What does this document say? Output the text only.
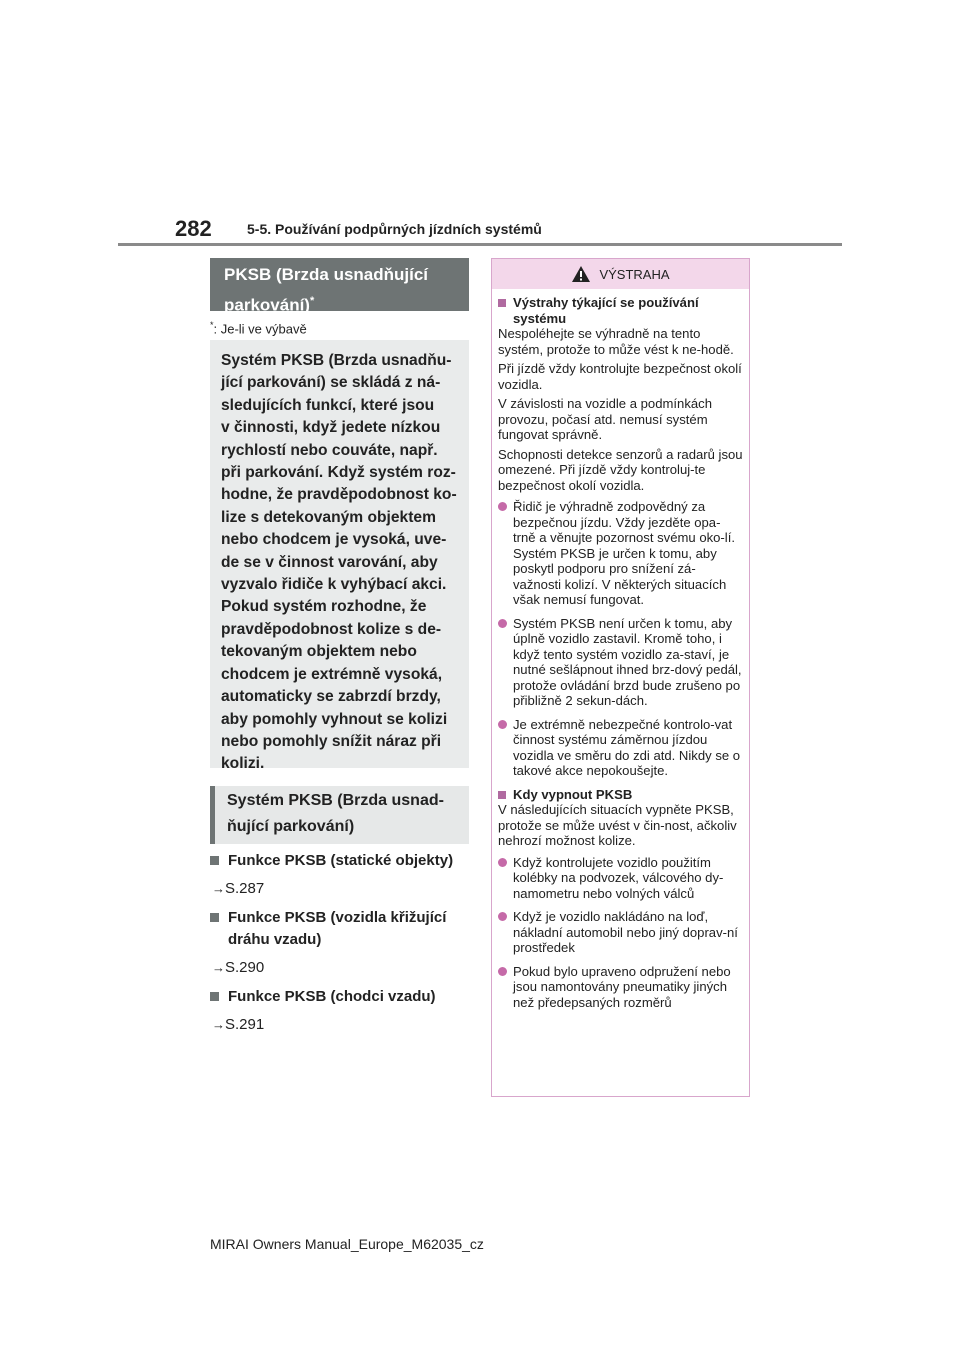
282	5-5. Používání podpůrných jízdních systémů
PKSB (Brzda usnadňující parkování)*
*: Je-li ve výbavě

Systém PKSB (Brzda usnadňu-

jící parkování) se skládá z ná-

sledujících funkcí, které jsou

v činnosti, když jedete nízkou

rychlostí nebo couváte, např.

při parkování. Když systém roz-

hodne, že pravděpodobnost ko-

lize s detekovaným objektem

nebo chodcem je vysoká, uve-

de se v činnost varování, aby

vyzvalo řidiče k vyhýbací akci.

Pokud systém rozhodne, že

pravděpodobnost kolize s de-

tekovaným objektem nebo

chodcem je extrémně vysoká,

automaticky se zabrzdí brzdy,

aby pomohly vyhnout se kolizi

nebo pomohly snížit náraz při

kolizi.

Systém PKSB (Brzda usnad-
ňující parkování)
Funkce PKSB (statické objekty)
→S.287
Funkce PKSB (vozidla křižující dráhu vzadu)
→S.290
Funkce PKSB (chodci vzadu)
→S.291
VÝSTRAHA
Výstrahy týkající se používání systému

Nespoléhejte se výhradně na tento systém, protože to může vést k ne-hodě.

Při jízdě vždy kontrolujte bezpečnost okolí vozidla.

V závislosti na vozidle a podmínkách provozu, počasí atd. nemusí systém fungovat správně.

Schopnosti detekce senzorů a radarů jsou omezené. Při jízdě vždy kontroluj-te bezpečnost okolí vozidla.

Řidič je výhradně zodpovědný za bezpečnou jízdu. Vždy jezděte opa-trně a věnujte pozornost svému oko-lí. Systém PKSB je určen k tomu, aby poskytl podporu pro snížení zá-važnosti kolizí. V některých situacích však nemusí fungovat.
Systém PKSB není určen k tomu, aby úplně vozidlo zastavil. Kromě toho, i když tento systém vozidlo za-staví, je nutné sešlápnout ihned brz-dový pedál, protože ovládání brzd bude zrušeno po přibližně 2 sekun-dách.
Je extrémně nebezpečné kontrolo-vat činnost systému záměrnou jízdou vozidla ve směru do zdi atd. Nikdy se o takové akce nepokoušejte.
Kdy vypnout PKSB

V následujících situacích vypněte PKSB, protože se může uvést v čin-nost, ačkoliv nehrozí možnost kolize.

Když kontrolujete vozidlo použitím kolébky na podvozek, válcového dy-namometru nebo volných válců
Když je vozidlo nakládáno na loď, nákladní automobil nebo jiný doprav-ní prostředek
Pokud bylo upraveno odpružení nebo jsou namontovány pneumatiky jiných než předepsaných rozměrů
MIRAI Owners Manual_Europe_M62035_cz
